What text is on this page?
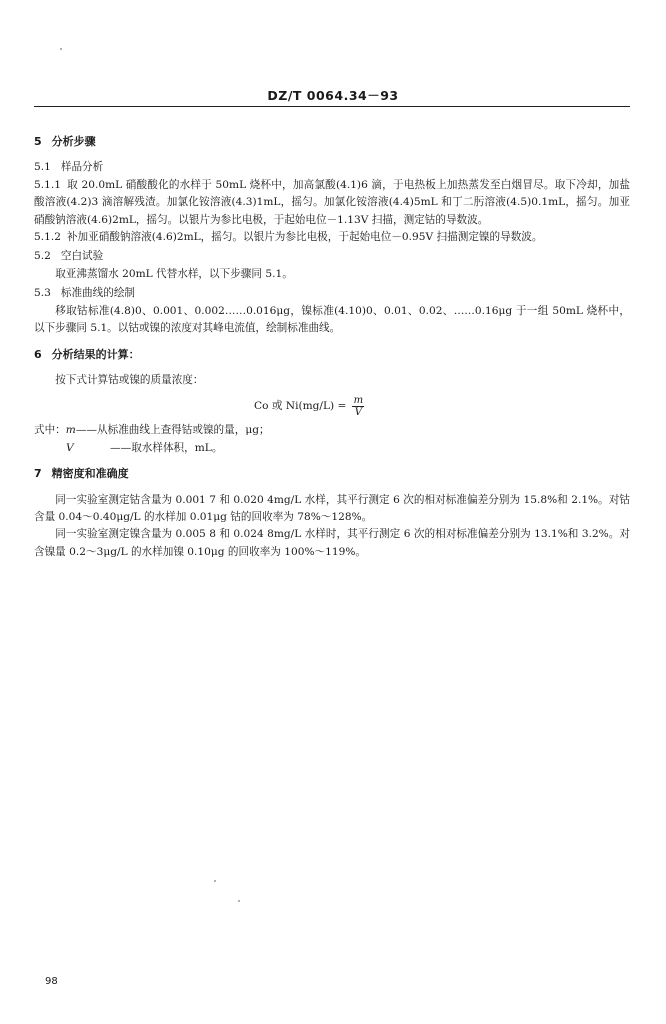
DZ/T 0064.34－93
5 分析步骤
5.1 样品分析

5.1.1 取 20.0mL 硝酸酸化的水样于 50mL 烧杯中，加高氯酸(4.1)6 滴，于电热板上加热蒸发至白烟冒尽。取下冷却，加盐酸溶液(4.2)3 滴溶解残渣。加氯化铵溶液(4.3)1mL，摇匀。加氯化铵溶液(4.4)5mL 和丁二肟溶液(4.5)0.1mL，摇匀。加亚硝酸钠溶液(4.6)2mL，摇匀。以银片为参比电极，于起始电位－1.13V 扫描，测定钴的导数波。

5.1.2 补加亚硝酸钠溶液(4.6)2mL，摇匀。以银片为参比电极，于起始电位－0.95V 扫描测定镍的导数波。

5.2 空白试验

取亚沸蒸馏水 20mL 代替水样，以下步骤同 5.1。

5.3 标准曲线的绘制

移取钴标准(4.8)0、0.001、0.002……0.016μg，镍标准(4.10)0、0.01、0.02、……0.16μg 于一组 50mL 烧杯中，以下步骤同 5.1。以钴或镍的浓度对其峰电流值，绘制标准曲线。

6 分析结果的计算：

按下式计算钴或镍的质量浓度：

Co 或 $Ni(mg/L) = \frac{m}{V}$
式中： m ——从标准曲线上查得钴或镍的量，μg；
V	——取水样体积，mL。
7 精密度和准确度

同一实验室测定钴含量为 0.001 7 和 0.020 4mg/L 水样，其平行测定 6 次的相对标准偏差分别为 15.8%和 2.1%。对钴含量 0.04～0.40μg/L 的水样加 0.01μg 钴的回收率为 78%～128%。

同一实验室测定镍含量为 0.005 8 和 0.024 8mg/L 水样时，其平行测定 6 次的相对标准偏差分别为 13.1%和 3.2%。对含镍量 0.2～3μg/L 的水样加镍 0.10μg 的回收率为 100%～119%。

98
